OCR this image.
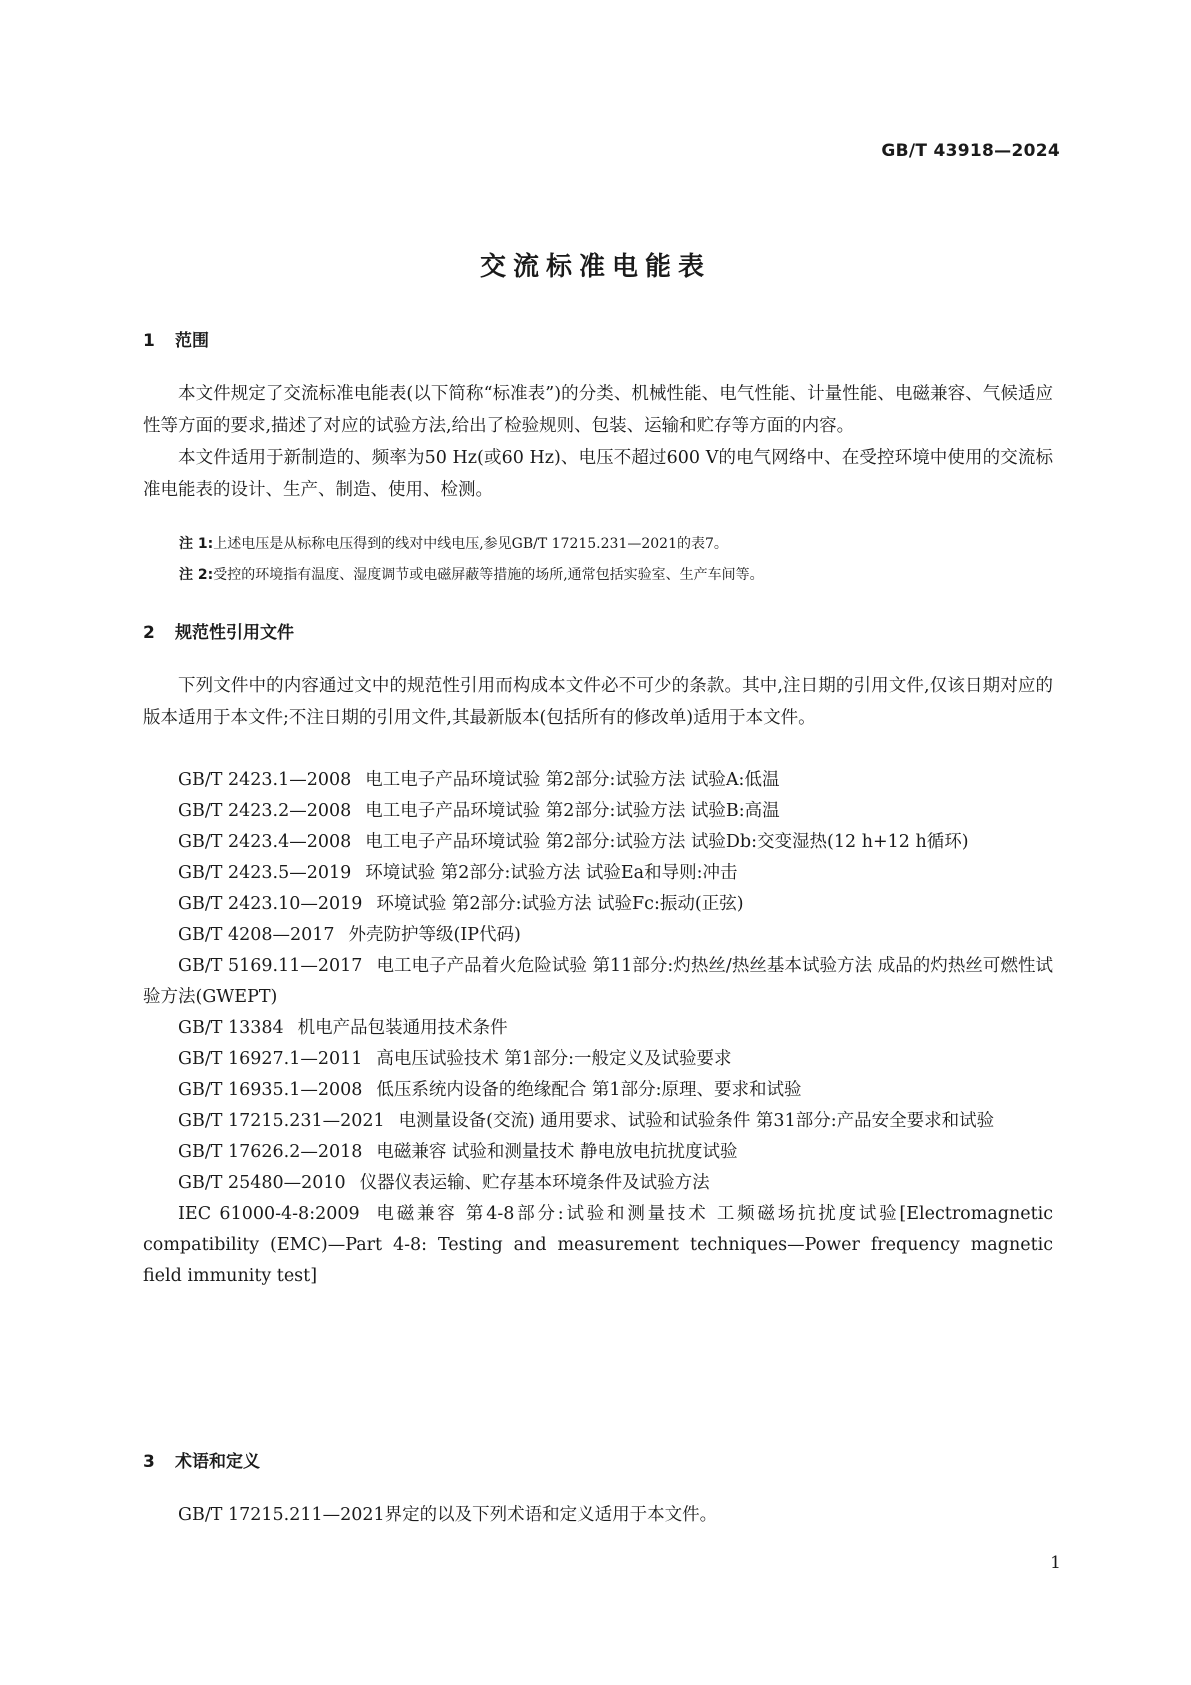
GB/T 43918—2024
交流标准电能表
1 范围

本文件规定了交流标准电能表(以下简称“标准表”)的分类、机械性能、电气性能、计量性能、电磁兼容、气候适应性等方面的要求,描述了对应的试验方法,给出了检验规则、包装、运输和贮存等方面的内容。

本文件适用于新制造的、频率为50 Hz(或60 Hz)、电压不超过600 V的电气网络中、在受控环境中使用的交流标准电能表的设计、生产、制造、使用、检测。

注 1:上述电压是从标称电压得到的线对中线电压,参见GB/T 17215.231—2021的表7。

注 2:受控的环境指有温度、湿度调节或电磁屏蔽等措施的场所,通常包括实验室、生产车间等。

2 规范性引用文件

下列文件中的内容通过文中的规范性引用而构成本文件必不可少的条款。其中,注日期的引用文件,仅该日期对应的版本适用于本文件;不注日期的引用文件,其最新版本(包括所有的修改单)适用于本文件。

GB/T 2423.1—2008 电工电子产品环境试验 第2部分:试验方法 试验A:低温

GB/T 2423.2—2008 电工电子产品环境试验 第2部分:试验方法 试验B:高温

GB/T 2423.4—2008 电工电子产品环境试验 第2部分:试验方法 试验Db:交变湿热(12 h+12 h循环)

GB/T 2423.5—2019 环境试验 第2部分:试验方法 试验Ea和导则:冲击

GB/T 2423.10—2019 环境试验 第2部分:试验方法 试验Fc:振动(正弦)

GB/T 4208—2017 外壳防护等级(IP代码)

GB/T 5169.11—2017 电工电子产品着火危险试验 第11部分:灼热丝/热丝基本试验方法 成品的灼热丝可燃性试验方法(GWEPT)

GB/T 13384 机电产品包装通用技术条件

GB/T 16927.1—2011 高电压试验技术 第1部分:一般定义及试验要求

GB/T 16935.1—2008 低压系统内设备的绝缘配合 第1部分:原理、要求和试验

GB/T 17215.231—2021 电测量设备(交流) 通用要求、试验和试验条件 第31部分:产品安全要求和试验

GB/T 17626.2—2018 电磁兼容 试验和测量技术 静电放电抗扰度试验

GB/T 25480—2010 仪器仪表运输、贮存基本环境条件及试验方法

IEC 61000-4-8:2009 电磁兼容 第4-8部分:试验和测量技术 工频磁场抗扰度试验[Electromagnetic compatibility (EMC)—Part 4-8: Testing and measurement techniques—Power frequency magnetic field immunity test]

3 术语和定义

GB/T 17215.211—2021界定的以及下列术语和定义适用于本文件。

1
